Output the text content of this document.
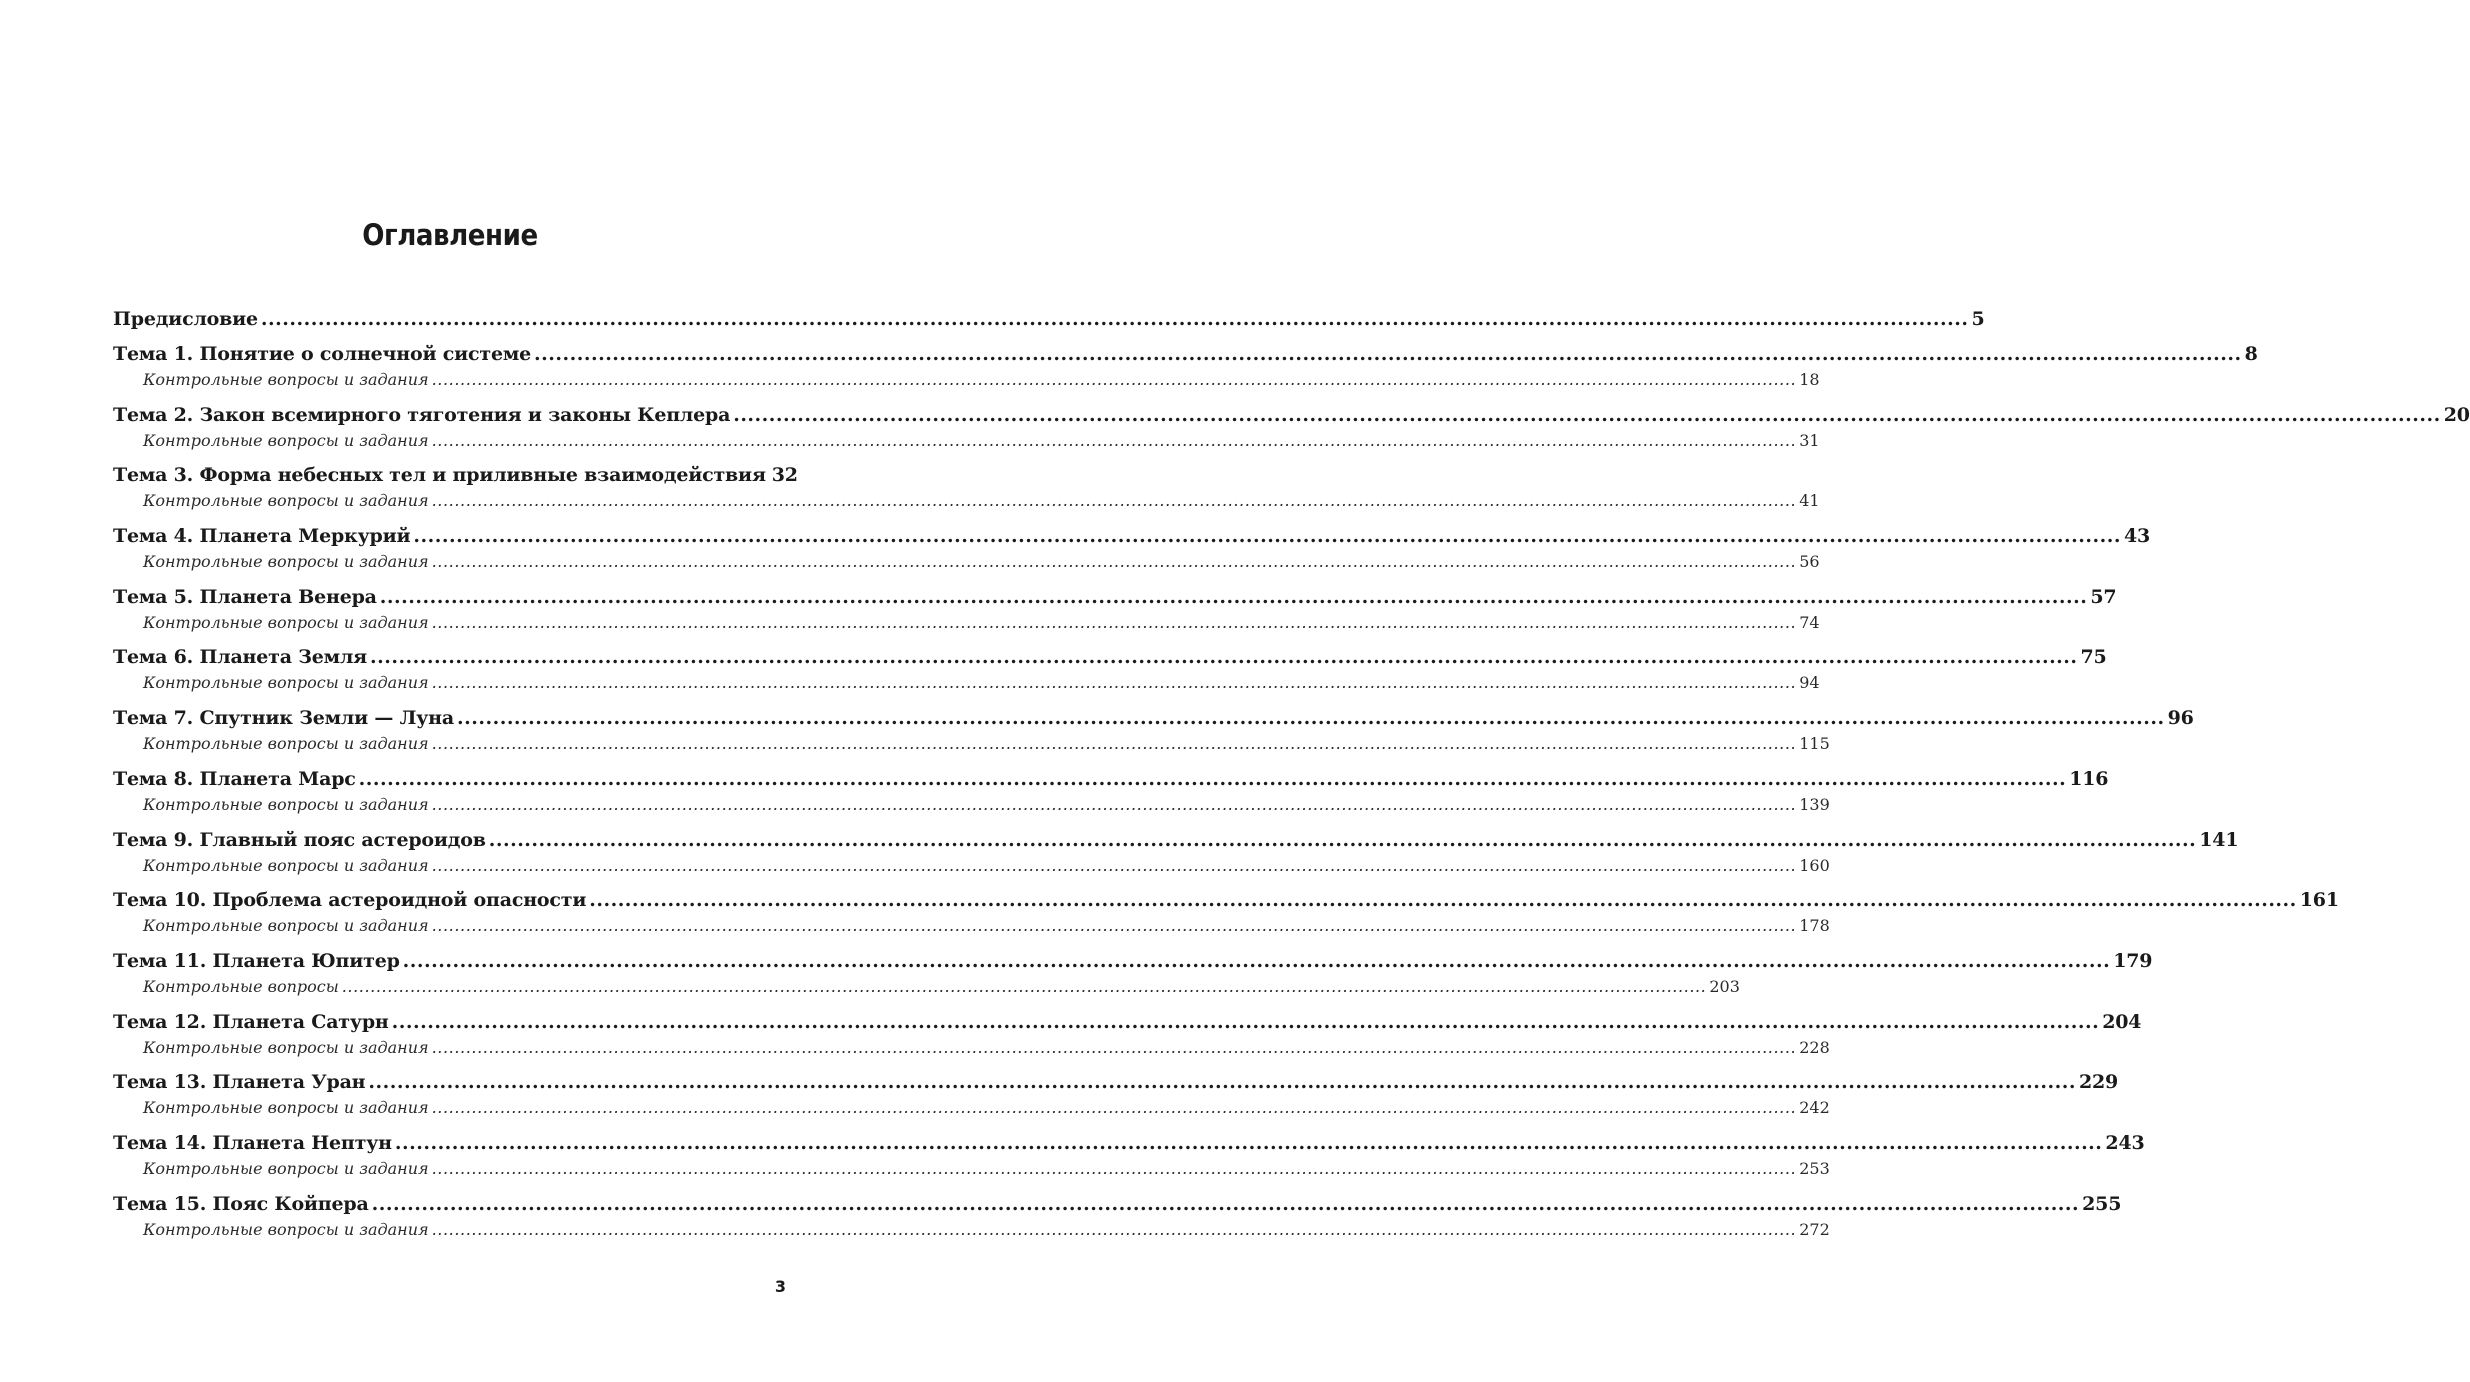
Оглавление
Предисловие .....	5
Тема 1. Понятие о солнечной системе .....	8
Контрольные вопросы и задания .....	18
Тема 2. Закон всемирного тяготения и законы Кеплера .....	20
Контрольные вопросы и задания .....	31
Тема 3. Форма небесных тел и приливные взаимодействия 32
Контрольные вопросы и задания .....	41
Тема 4. Планета Меркурий .....	43
Контрольные вопросы и задания .....	56
Тема 5. Планета Венера .....	57
Контрольные вопросы и задания .....	74
Тема 6. Планета Земля .....	75
Контрольные вопросы и задания .....	94
Тема 7. Спутник Земли — Луна .....	96
Контрольные вопросы и задания .....	115
Тема 8. Планета Марс .....	116
Контрольные вопросы и задания .....	139
Тема 9. Главный пояс астероидов .....	141
Контрольные вопросы и задания .....	160
Тема 10. Проблема астероидной опасности .....	161
Контрольные вопросы и задания .....	178
Тема 11. Планета Юпитер .....	179
Контрольные вопросы .....	203
Тема 12. Планета Сатурн .....	204
Контрольные вопросы и задания .....	228
Тема 13. Планета Уран .....	229
Контрольные вопросы и задания .....	242
Тема 14. Планета Нептун .....	243
Контрольные вопросы и задания .....	253
Тема 15. Пояс Койпера .....	255
Контрольные вопросы и задания .....	272
3
